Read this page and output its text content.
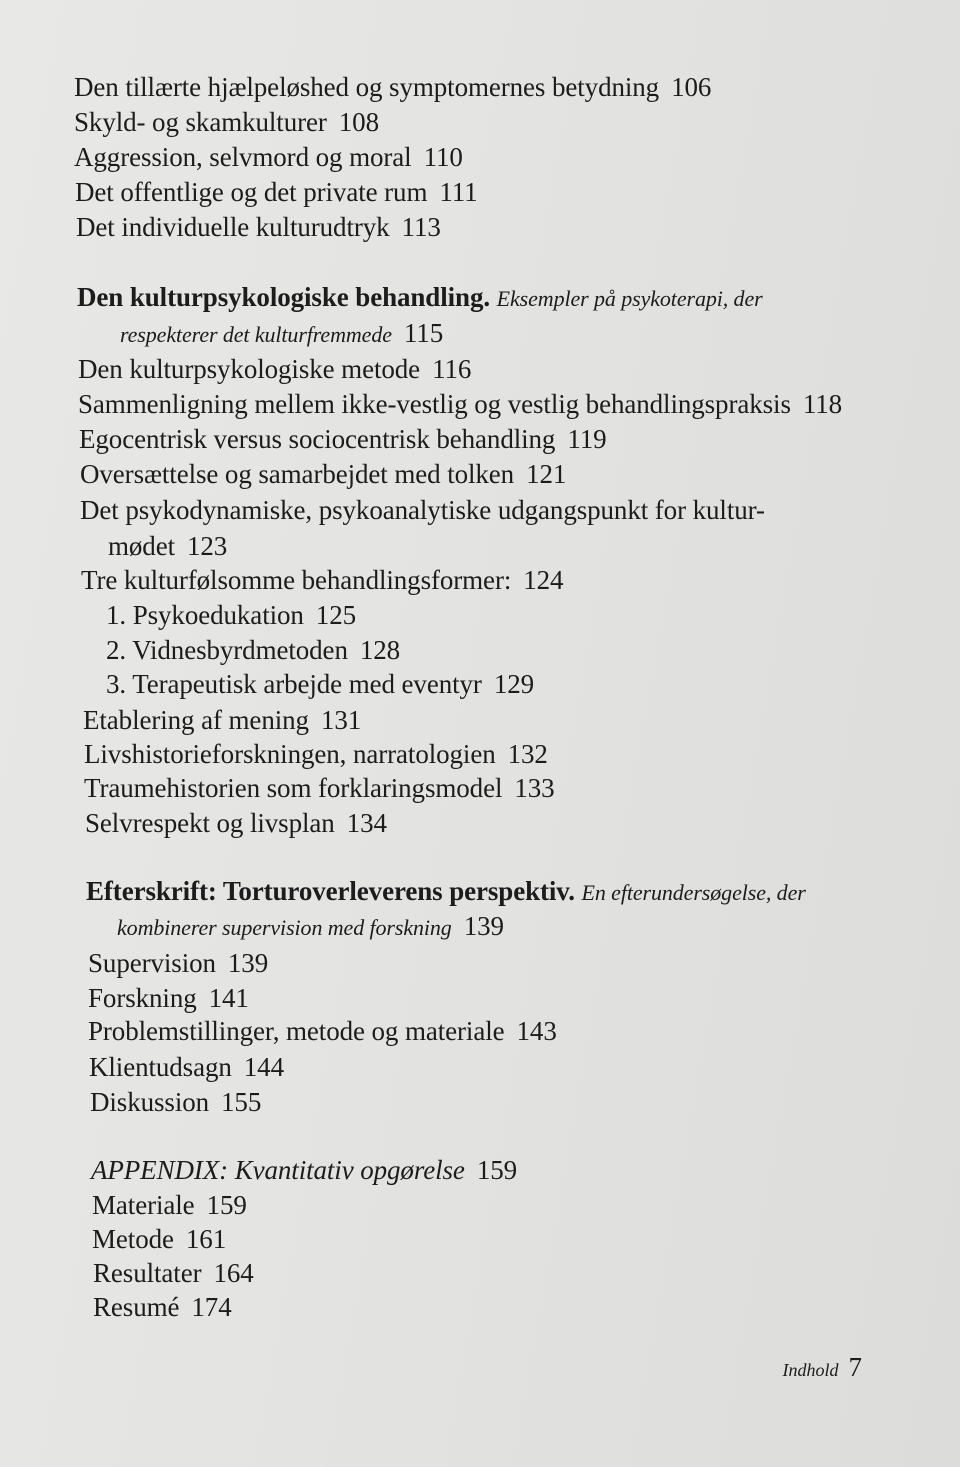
Den tillærte hjælpeløshed og symptomernes betydning 106
Skyld- og skamkulturer 108
Aggression, selvmord og moral 110
Det offentlige og det private rum 111
Det individuelle kulturudtryk 113
Den kulturpsykologiske behandling. Eksempler på psykoterapi, der
respekterer det kulturfremmede 115
Den kulturpsykologiske metode 116
Sammenligning mellem ikke-vestlig og vestlig behandlingspraksis 118
Egocentrisk versus sociocentrisk behandling 119
Oversættelse og samarbejdet med tolken 121
Det psykodynamiske, psykoanalytiske udgangspunkt for kultur-
mødet 123
Tre kulturfølsomme behandlingsformer: 124
1. Psykoedukation 125
2. Vidnesbyrdmetoden 128
3. Terapeutisk arbejde med eventyr 129
Etablering af mening 131
Livshistorieforskningen, narratologien 132
Traumehistorien som forklaringsmodel 133
Selvrespekt og livsplan 134
Efterskrift: Torturoverleverens perspektiv. En efterundersøgelse, der
kombinerer supervision med forskning 139
Supervision 139
Forskning 141
Problemstillinger, metode og materiale 143
Klientudsagn 144
Diskussion 155
APPENDIX: Kvantitativ opgørelse 159
Materiale 159
Metode 161
Resultater 164
Resumé 174
Indhold 7
